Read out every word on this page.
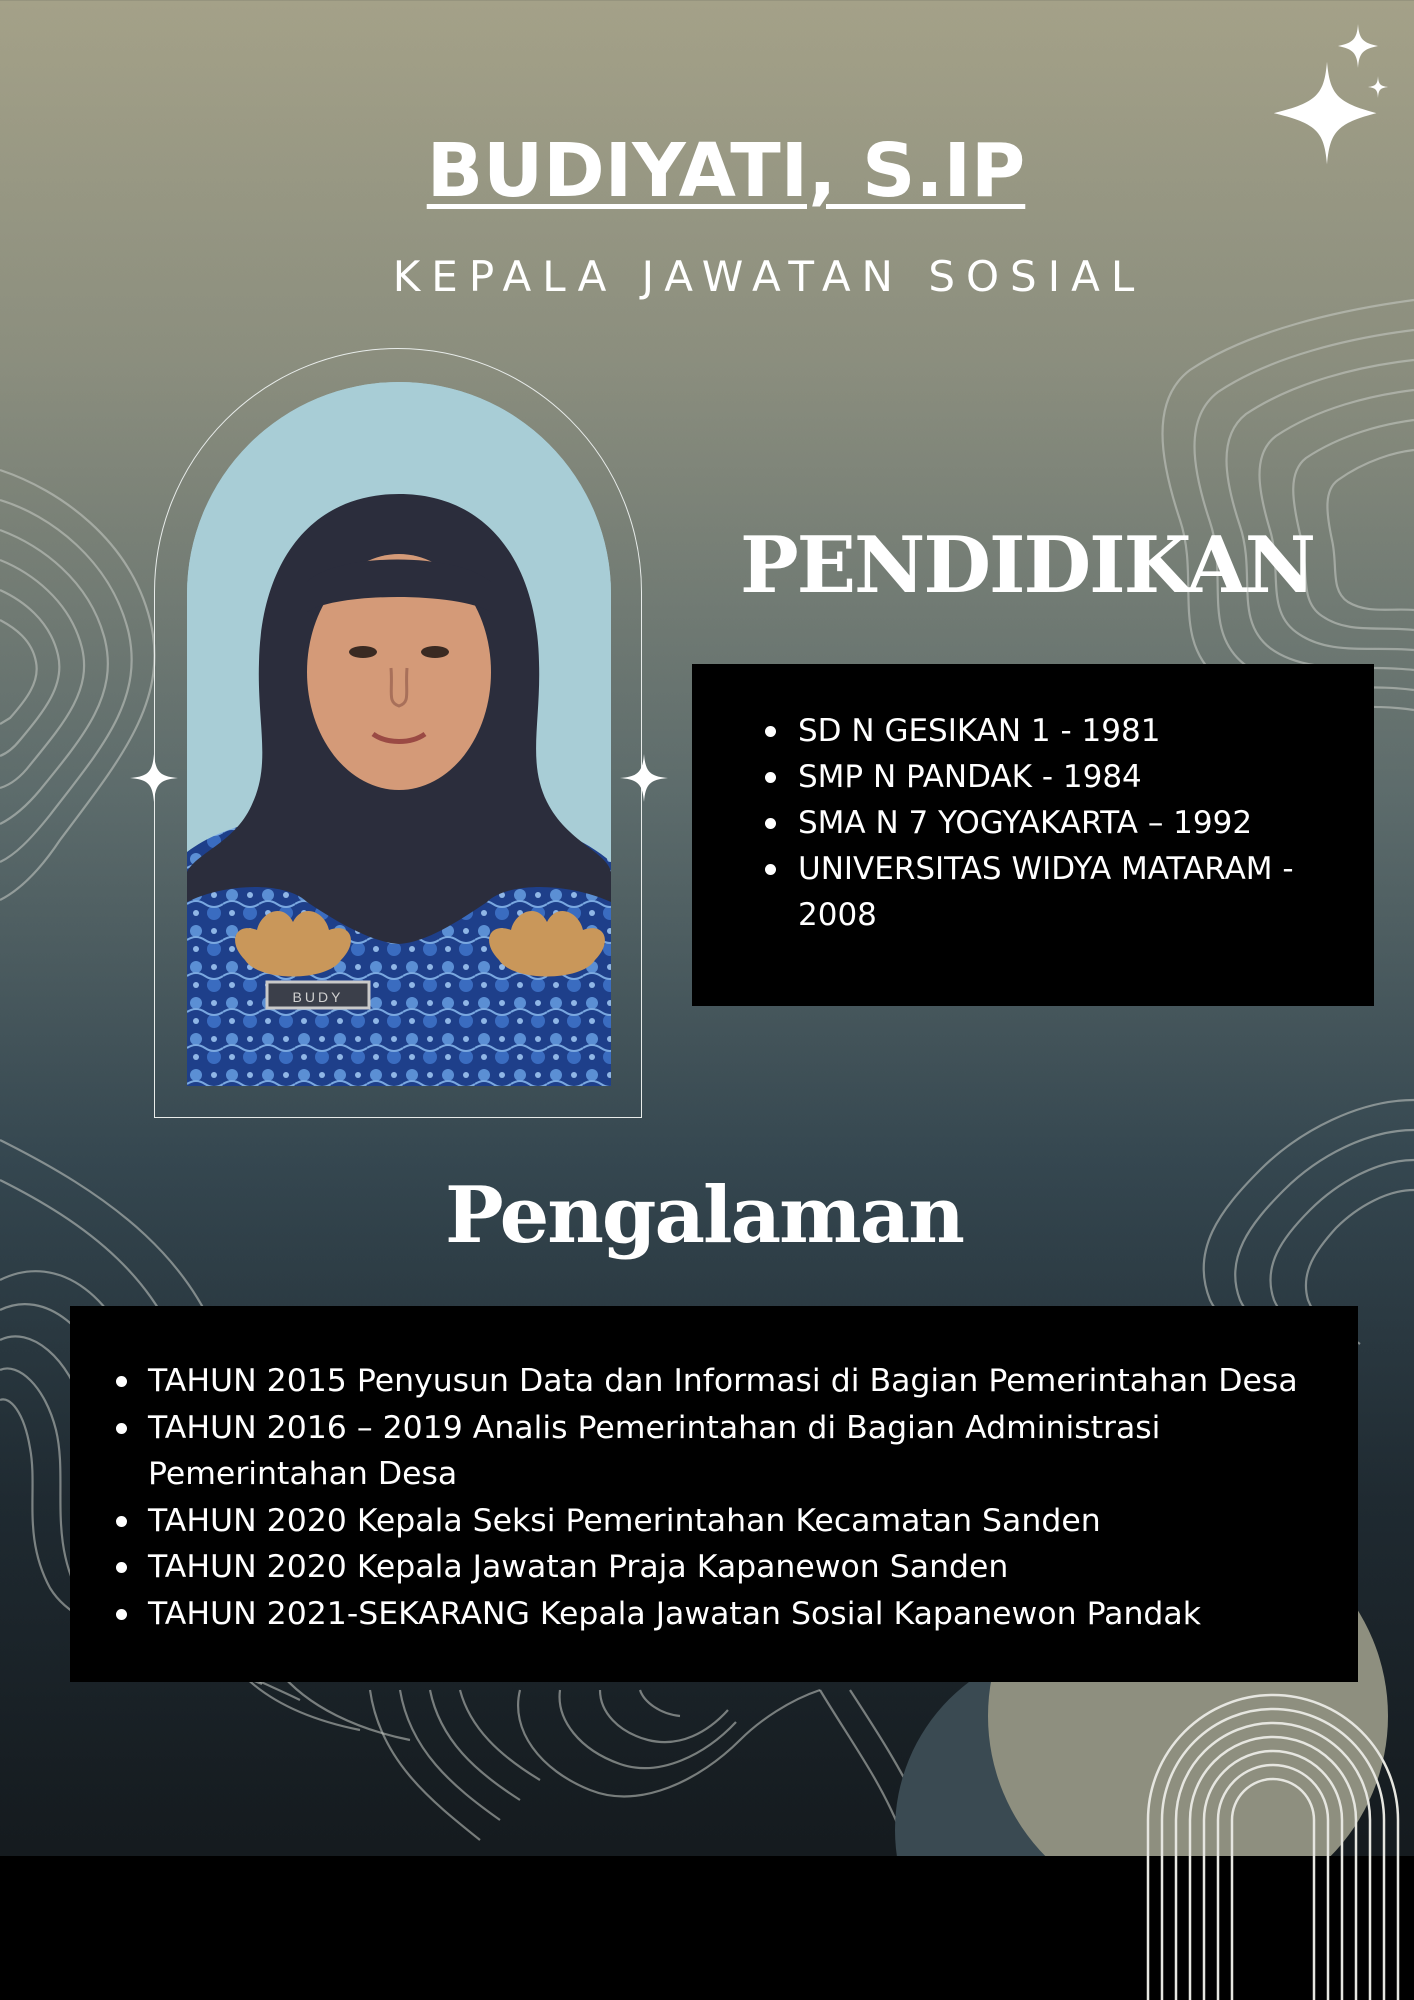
BUDIYATI, S.IP
KEPALA JAWATAN SOSIAL
BUDY
PENDIDIKAN
SD N GESIKAN 1 - 1981
SMP N PANDAK - 1984
SMA N 7 YOGYAKARTA – 1992
UNIVERSITAS WIDYA MATARAM - 2008
Pengalaman
TAHUN 2015 Penyusun Data dan Informasi di Bagian Pemerintahan Desa
TAHUN 2016 – 2019 Analis Pemerintahan di Bagian Administrasi Pemerintahan Desa
TAHUN 2020 Kepala Seksi Pemerintahan Kecamatan Sanden
TAHUN 2020 Kepala Jawatan Praja Kapanewon Sanden
TAHUN 2021-SEKARANG Kepala Jawatan Sosial Kapanewon Pandak
